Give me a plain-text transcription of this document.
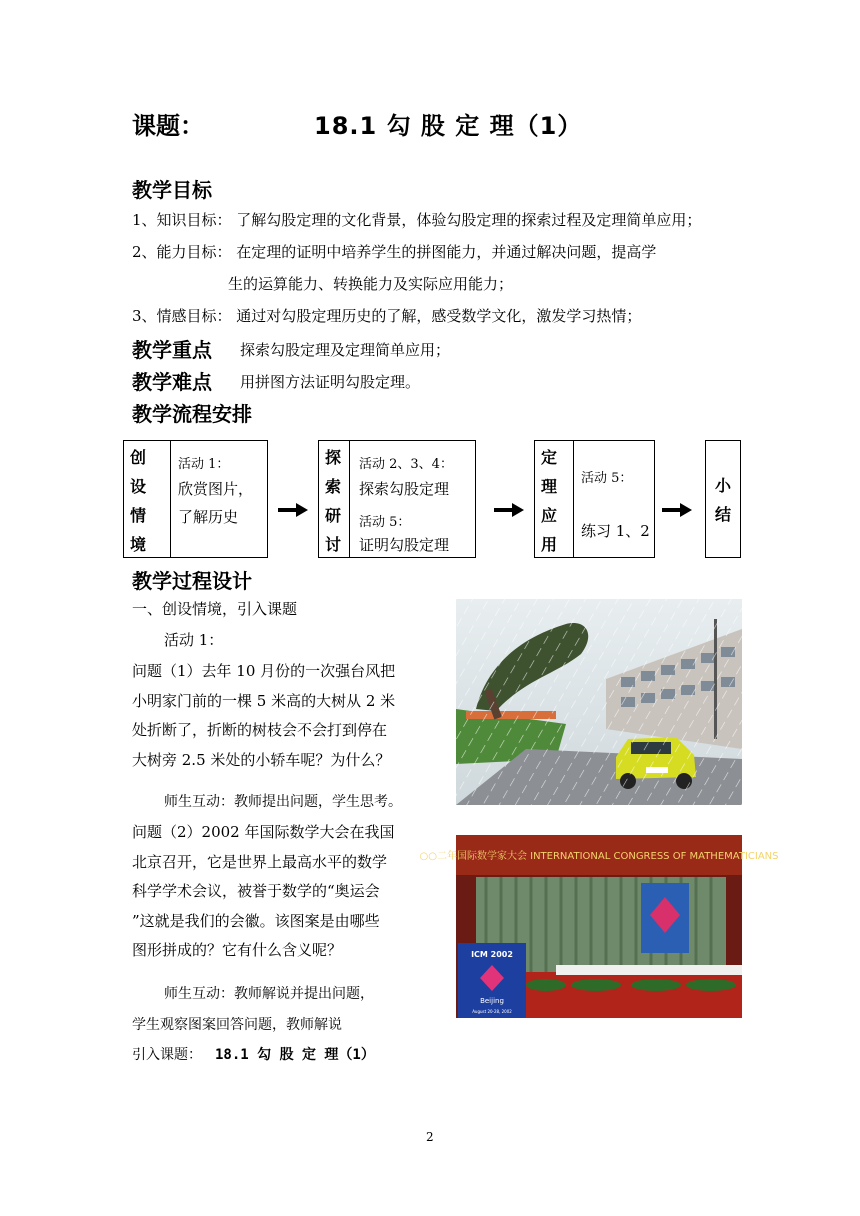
课题：	18.1 勾 股 定 理（1）
教学目标
1、知识目标： 了解勾股定理的文化背景，体验勾股定理的探索过程及定理简单应用；
2、能力目标： 在定理的证明中培养学生的拼图能力，并通过解决问题，提高学
生的运算能力、转换能力及实际应用能力；
3、情感目标： 通过对勾股定理历史的了解，感受数学文化，激发学习热情；
教学重点 探索勾股定理及定理简单应用；
教学难点 用拼图方法证明勾股定理。
教学流程安排
创
设
情
境
活动 1：
欣赏图片，
了解历史
探
索
研
讨
活动 2、3、4：
探索勾股定理
活动 5：
证明勾股定理
定
理
应
用
活动 5：
练习 1、2
小
结
教学过程设计
一、创设情境，引入课题
活动 1：
问题（1）去年 10 月份的一次强台风把
小明家门前的一棵 5 米高的大树从 2 米
处折断了，折断的树枝会不会打到停在
大树旁 2.5 米处的小轿车呢？为什么？
师生互动：教师提出问题，学生思考。
问题（2）2002 年国际数学大会在我国
北京召开，它是世界上最高水平的数学
科学学术会议，被誉于数学的“奥运会
”这就是我们的会徽。该图案是由哪些
图形拼成的？它有什么含义呢？
师生互动：教师解说并提出问题，
学生观察图案回答问题，教师解说
引入课题： 18.1 勾 股 定 理（1）
○○二年国际数学家大会 INTERNATIONAL CONGRESS OF MATHEMATICIANS
ICM 2002
Beijing
August 20-28, 2002
2
